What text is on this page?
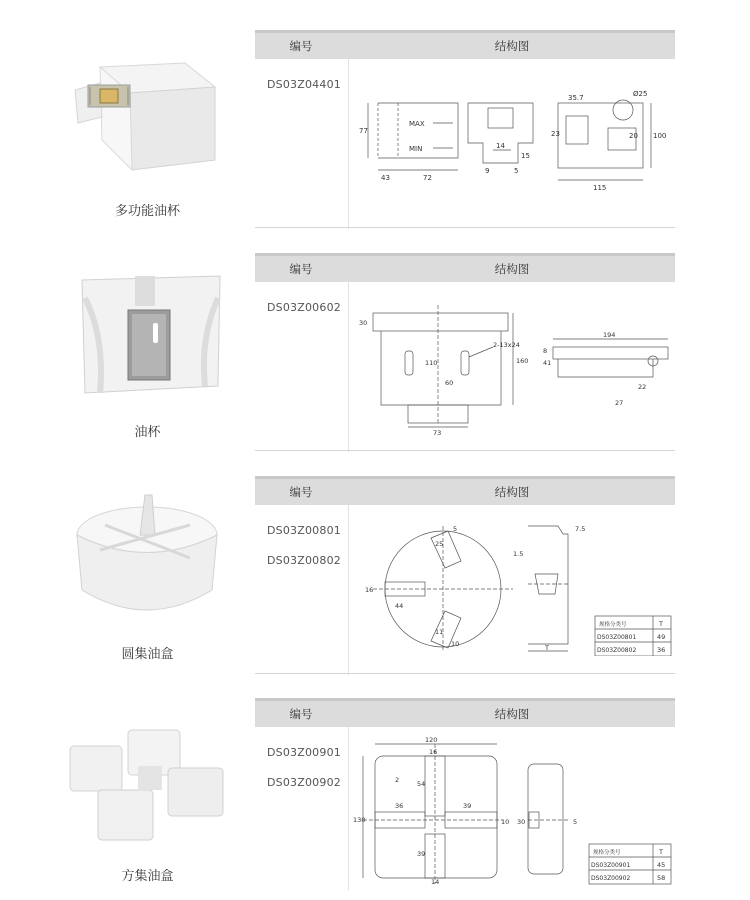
多功能油杯
编号	结构图
DS03Z04401
MAX
MIN
77
43	72
14
9	5
15
35.7	Ø25
23	20 100
115
油杯
编号	结构图
DS03Z00602
30
110
60
160
2-13x24
73
194
41
8
22
27
圆集油盒
编号	结构图
DS03Z00801
DS03Z00802
5
25
16
44
10
11
7.5
1.5
T
规格分类号	T
DS03Z00801	49
DS03Z00802	36
方集油盒
编号	结构图
DS03Z00901
DS03Z00902
120
16
2	54
36	39
130	10
39
14
30	5
规格分类号	T
DS03Z00901	45
DS03Z00902	58
